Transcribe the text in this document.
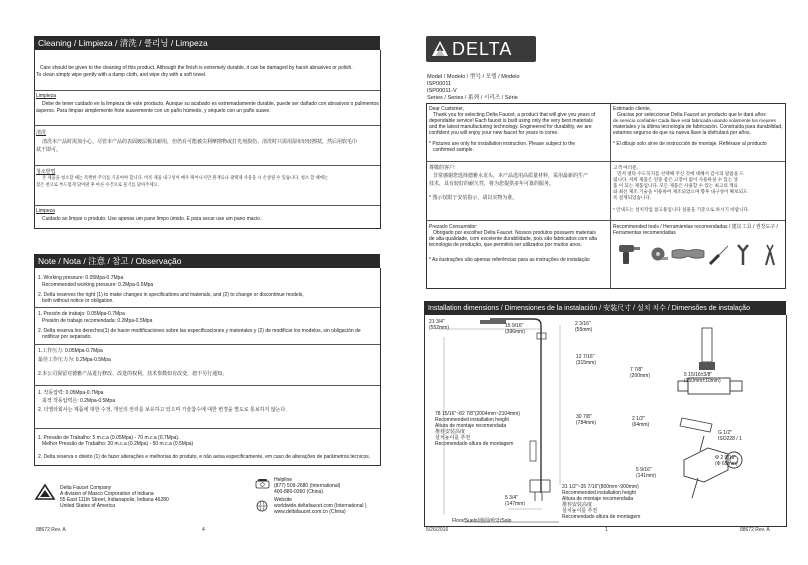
Cleaning / Limpieza / 清洗 / 클리닝 / Limpeza
Care should be given to the cleaning of this product. Although the finish is extremely durable, it can be damaged by harsh abrasives or polish.
To clean simply wipe gently with a damp cloth, and wipe dry with a soft towel.
Limpieza
Debe de tener cuidado en la limpieza de este producto. Aunque su acabado es extremadamente durable, puede ser dañado con abrasivos o pulimentos
ásperos. Para limpiar simplemente frote suavemente con un paño húmedo, y séquelo con un paño suave.
清洗
清洗本产品时需加小心。尽管本产品的表面镀层极其耐用，但仍有可能被尖利摩擦物或打光剂损伤。清洗时只需用湿布轻轻擦拭，然后用软毛巾
拭干即可。
청소방법
본 제품을 청소할 때는 특별한 주의를 기울여야 합니다. 비록 제품 내구성이 매우 뛰어나지만 원재료나 광택제 사용을 시 손상될 수 있습니다. 청소 할 때에는
젖은 천으로 부드럽게 닦아낸 후 마른 수건으로 물기를 닦아주세요.
Limpeza
Cuidado ao limpar o produto. Use apenas um pano limpo úmido. E para secar use um pano macio.
Note / Nota / 注意 / 참고 / Observação
1. Working pressure: 0.05Mpa-0.7Mpa
Recommended working pressure: 0.2Mpa-0.5Mpa
2. Delta reserves the right (1) to make changes in specifications and materials, and (2) to change or discontinue models,
both without notice or obligation.
1. Presión de trabajo: 0.05Mpa-0.7Mpa
Presión de trabajo recomendada: 0.2Mpa-0.5Mpa
2. Delta reserva los derechos(1) de hacer modificaciones sobre las especificaciones y materiales y (2) de modificar los modelos, sin obligación de
notificar por separado.
1.工作压力: 0.05Mpa-0.7Mpa
最佳工作压力为: 0.2Mpa-0.5Mpa
2.本公司保留对德雅产品进行修改、改进的权利，技术参数如有改变，恕不另行通知。
1. 작동압력: 0.05Mpa-0.7Mpa
최적 작동압력은: 0.2Mpa-0.5Mpa
2. 더엘타회사는 제품에 대한 수정, 개선의 권리를 보유하고 있으며 기술참수에 대한 변경을 별도로 통보하지 않는다.
1. Pressão de Trabalho: 5 m.c.a (0.05Mpa) - 70 m.c.a (0.7Mpa).
Melhor Pressão de Trabalho: 20 m.c.a (0.2Mpa) - 50 m.c.a (0.5Mpa)
2. Delta reserva o direito (1) de fazer alterações e melhorias do produto, e não avisa especificamente, em caso de alterações de parâmetros técnicos.
Delta Faucet Company
A division of Masco Corporation of Indiana
55 East 111th Street, Indianapolis, Indiana 46280
United States of America
Helpline
(877) 509-2680 (International)
400-880-0360 (China)
Website
worldwide.deltafaucet.com (International )
www.deltafaucet.com.cn (China)
88672 Rev. A	4
DELTA
Model / Modelo / 型号 / 모델 / Modelo
ISP00011
ISP00011-V
Series / Series / 系列 / 시리즈 / Série
Dear Customer,
Thank you for selecting Delta Faucet, a product that will give you years of
dependable service! Each faucet is built using only the very best materials
and the latest manufacturing technology. Engineered for durability, we are
confident you will enjoy your new faucet for years to come.
* Pictures are only for installation instruction. Please subject to the
confirmed sample.
Estimado cliente,
Gracias por seleccionar Delta Faucet un producto que le dará años
de servicio confiable! Cada llave está fabricada usando solamente los mejores
materiales y la última tecnología de fabricación. Construida para durabilidad,
estamos seguros de que su nueva llave la disfrutará por años.
* El dibujo solo sirve de instrucción de montaje. Refiérase al producto
尊敬的客户:
非常感谢您选择德雅水龙头，本产品选用高质量材料，采用最新的生产
技术，具有较好的耐久性，将为您提供多年可靠的服务。
* 图示仅限于安装指示，请以实物为准。
고객 여러분,
먼저 델타 수도꼭지를 선택해 주신 것에 대해서 감사의 말씀을 드
립니다. 저희 제품은 연중 좋은 고장이 없이 사용하실 수 있는 상
품 이 되는 제품입니다. 모든 제품은 사용할 수 있는 최고의 재료
와 최신 제조 기술을 이용하여 제조되었으며 향후 내구성이 확보되도
록 설계되었습니다.
* 안내도는 설치작업 참고용입니다 실물을 기준으로 하시기 바랍니다.
Prezado Consumidor:
Obrigado por escolher Delta Faucet. Nossos produtos possuem materiais
de alta qualidade, com excelente durabilidade, pois são fabricados com alta
tecnologia de produção, que permitirá ser utilizados por muitos anos.
* As ilustrações são apenas referências para as instruções de instalação
Recommended tools / Herramientas recomendadas / 建议工具 / 권장도구 /
Ferramentas recomendadas
Installation dimensions / Dimensiones de la instalación / 安装尺寸 / 설치 치수 / Dimensões de instalação
21 3/4"
(552mm)	15 9/16"
(396mm)
2 3/16"
(55mm)
12 7/16"
(315mm)
30 7/8"
(784mm)
5 3/4"
(147mm)
7 7/8"
(200mm)	5 15/16±3/8"
(150mm±10mm)
2 1/2"
(64mm)
G 1/2"
ISO228 / 1
Φ 2 9/16"
(Φ 65mm)
5 9/16"
(141mm)
78 15/16"~82 7/8"(2004mm~2104mm)
Recommended installation height
Altura de montaje recomendada
推荐安装高度
설치높이를 추천
Recomendado altura de montagem
31 1/2"~35 7/16"(800mm~900mm)
Recommended installation height
Altura de montaje recomendada
推荐安装高度
설치높이를 추천
Recomendado altura de montagem
Floor/Suelo/地面/바닥/Solo
5/26/2016	1	88672 Rev. A
